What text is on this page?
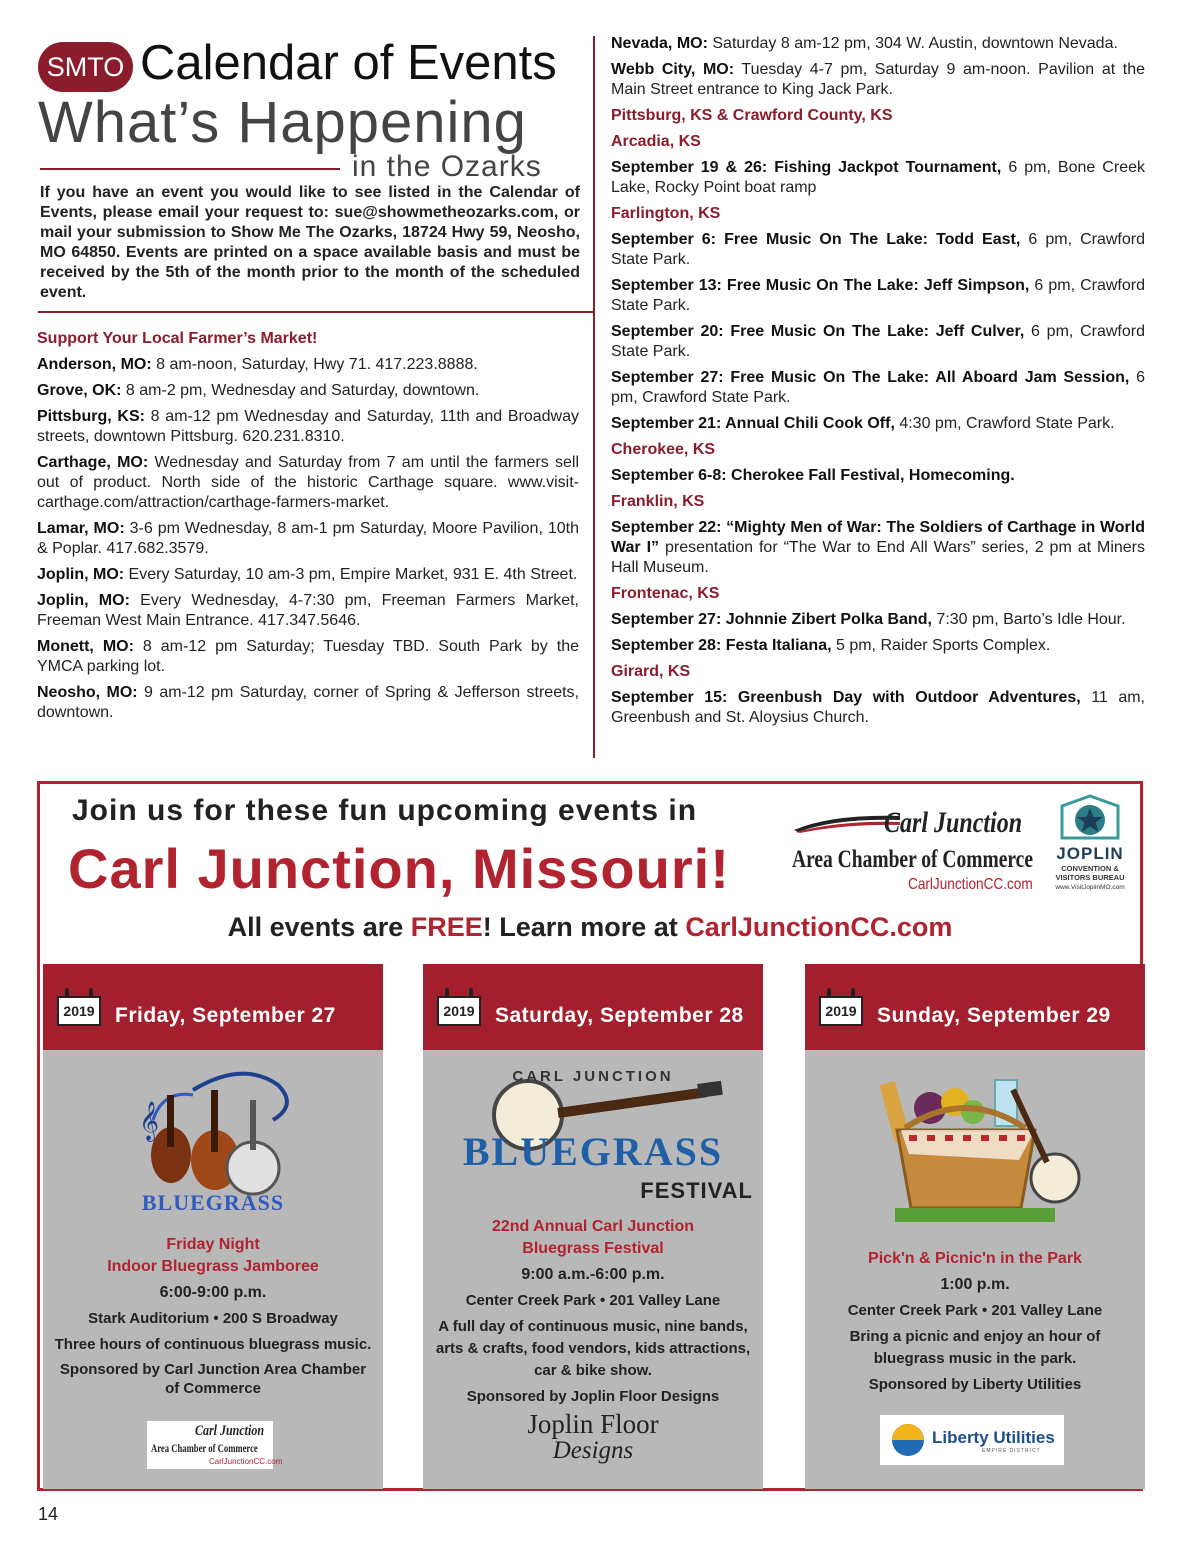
SMTO Calendar of Events
What’s Happening
in the Ozarks
If you have an event you would like to see listed in the Calendar of Events, please email your request to: sue@showmetheozarks.com, or mail your submission to Show Me The Ozarks, 18724 Hwy 59, Neosho, MO 64850. Events are printed on a space available basis and must be received by the 5th of the month prior to the month of the scheduled event.

Support Your Local Farmer’s Market!

Anderson, MO: 8 am-noon, Saturday, Hwy 71. 417.223.8888.
Grove, OK: 8 am-2 pm, Wednesday and Saturday, downtown.
Pittsburg, KS: 8 am-12 pm Wednesday and Saturday, 11th and Broadway streets, downtown Pittsburg. 620.231.8310.
Carthage, MO: Wednesday and Saturday from 7 am until the farmers sell out of product. North side of the historic Carthage square. www.visit-carthage.com/attraction/carthage-farmers-market.
Lamar, MO: 3-6 pm Wednesday, 8 am-1 pm Saturday, Moore Pavilion, 10th & Poplar. 417.682.3579.
Joplin, MO: Every Saturday, 10 am-3 pm, Empire Market, 931 E. 4th Street.
Joplin, MO: Every Wednesday, 4-7:30 pm, Freeman Farmers Market, Freeman West Main Entrance. 417.347.5646.
Monett, MO: 8 am-12 pm Saturday; Tuesday TBD. South Park by the YMCA parking lot.
Neosho, MO: 9 am-12 pm Saturday, corner of Spring & Jefferson streets, downtown.
Nevada, MO: Saturday 8 am-12 pm, 304 W. Austin, downtown Nevada.
Webb City, MO: Tuesday 4-7 pm, Saturday 9 am-noon. Pavilion at the Main Street entrance to King Jack Park.

Pittsburg, KS & Crawford County, KS

Arcadia, KS
September 19 & 26: Fishing Jackpot Tournament, 6 pm, Bone Creek Lake, Rocky Point boat ramp
Farlington, KS
September 6: Free Music On The Lake: Todd East, 6 pm, Crawford State Park.
September 13: Free Music On The Lake: Jeff Simpson, 6 pm, Crawford State Park.
September 20: Free Music On The Lake: Jeff Culver, 6 pm, Crawford State Park.
September 27: Free Music On The Lake: All Aboard Jam Session, 6 pm, Crawford State Park.
September 21: Annual Chili Cook Off, 4:30 pm, Crawford State Park.
Cherokee, KS
September 6-8: Cherokee Fall Festival, Homecoming.
Franklin, KS
September 22: “Mighty Men of War: The Soldiers of Carthage in World War I” presentation for “The War to End All Wars” series, 2 pm at Miners Hall Museum.
Frontenac, KS
September 27: Johnnie Zibert Polka Band, 7:30 pm, Barto’s Idle Hour.
September 28: Festa Italiana, 5 pm, Raider Sports Complex.
Girard, KS
September 15: Greenbush Day with Outdoor Adventures, 11 am, Greenbush and St. Aloysius Church.
Join us for these fun upcoming events in
Carl Junction, Missouri!
All events are FREE! Learn more at CarlJunctionCC.com
Carl Junction
Area Chamber of Commerce
CarlJunctionCC.com
JOPLIN
CONVENTION &
VISITORS BUREAU
www.VisitJoplinMO.com
2019 Friday, September 27
𝄞
BLUEGRASS
Friday Night
Indoor Bluegrass Jamboree
6:00-9:00 p.m.
Stark Auditorium • 200 S Broadway
Three hours of continuous bluegrass music.
Sponsored by Carl Junction Area Chamber of Commerce
Carl Junction
Area Chamber of Commerce
CarlJunctionCC.com
2019 Saturday, September 28
CARL JUNCTION
BLUEGRASS
FESTIVAL
22nd Annual Carl Junction
Bluegrass Festival
9:00 a.m.-6:00 p.m.
Center Creek Park • 201 Valley Lane
A full day of continuous music, nine bands, arts & crafts, food vendors, kids attractions, car & bike show.
Sponsored by Joplin Floor Designs
Joplin Floor
Designs
2019 Sunday, September 29
Pick'n & Picnic'n in the Park
1:00 p.m.
Center Creek Park • 201 Valley Lane
Bring a picnic and enjoy an hour of bluegrass music in the park.
Sponsored by Liberty Utilities
Liberty Utilities
EMPIRE DISTRICT
14
